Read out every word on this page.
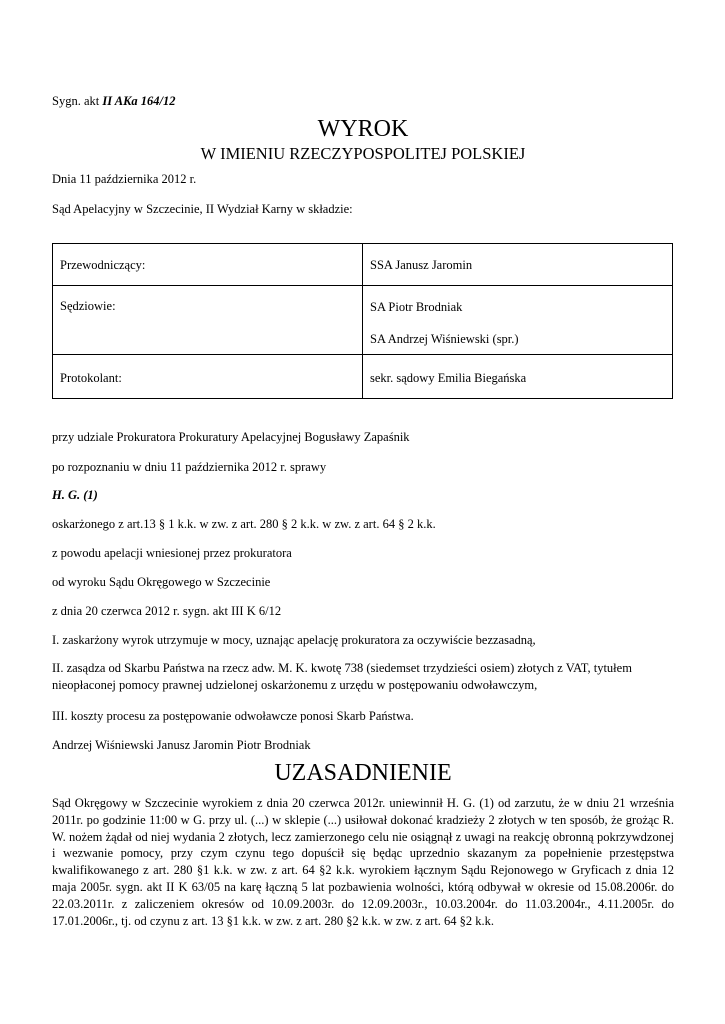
Sygn. akt II AKa 164/12
WYROK
W IMIENIU RZECZYPOSPOLITEJ POLSKIEJ
Dnia 11 października 2012 r.
Sąd Apelacyjny w Szczecinie, II Wydział Karny w składzie:
Przewodniczący:	SSA Janusz Jaromin
Sędziowie:	SA Piotr Brodniak
SA Andrzej Wiśniewski (spr.)

Protokolant:	sekr. sądowy Emilia Biegańska
przy udziale Prokuratora Prokuratury Apelacyjnej Bogusławy Zapaśnik
po rozpoznaniu w dniu 11 października 2012 r. sprawy
H. G. (1)
oskarżonego z art.13 § 1 k.k. w zw. z art. 280 § 2 k.k. w zw. z art. 64 § 2 k.k.
z powodu apelacji wniesionej przez prokuratora
od wyroku Sądu Okręgowego w Szczecinie
z dnia 20 czerwca 2012 r. sygn. akt III K 6/12
I. zaskarżony wyrok utrzymuje w mocy, uznając apelację prokuratora za oczywiście bezzasadną,
II. zasądza od Skarbu Państwa na rzecz adw. M. K. kwotę 738 (siedemset trzydzieści osiem) złotych z VAT, tytułem nieopłaconej pomocy prawnej udzielonej oskarżonemu z urzędu w postępowaniu odwoławczym,
III. koszty procesu za postępowanie odwoławcze ponosi Skarb Państwa.
Andrzej Wiśniewski Janusz Jaromin Piotr Brodniak
UZASADNIENIE
Sąd Okręgowy w Szczecinie wyrokiem z dnia 20 czerwca 2012r. uniewinnił H. G. (1) od zarzutu, że w dniu 21 września 2011r. po godzinie 11:00 w G. przy ul. (...) w sklepie (...) usiłował dokonać kradzieży 2 złotych w ten sposób, że grożąc R. W. nożem żądał od niej wydania 2 złotych, lecz zamierzonego celu nie osiągnął z uwagi na reakcję obronną pokrzywdzonej i wezwanie pomocy, przy czym czynu tego dopuścił się będąc uprzednio skazanym za popełnienie przestępstwa kwalifikowanego z art. 280 §1 k.k. w zw. z art. 64 §2 k.k. wyrokiem łącznym Sądu Rejonowego w Gryficach z dnia 12 maja 2005r. sygn. akt II K 63/05 na karę łączną 5 lat pozbawienia wolności, którą odbywał w okresie od 15.08.2006r. do 22.03.2011r. z zaliczeniem okresów od 10.09.2003r. do 12.09.2003r., 10.03.2004r. do 11.03.2004r., 4.11.2005r. do 17.01.2006r., tj. od czynu z art. 13 §1 k.k. w zw. z art. 280 §2 k.k. w zw. z art. 64 §2 k.k.
